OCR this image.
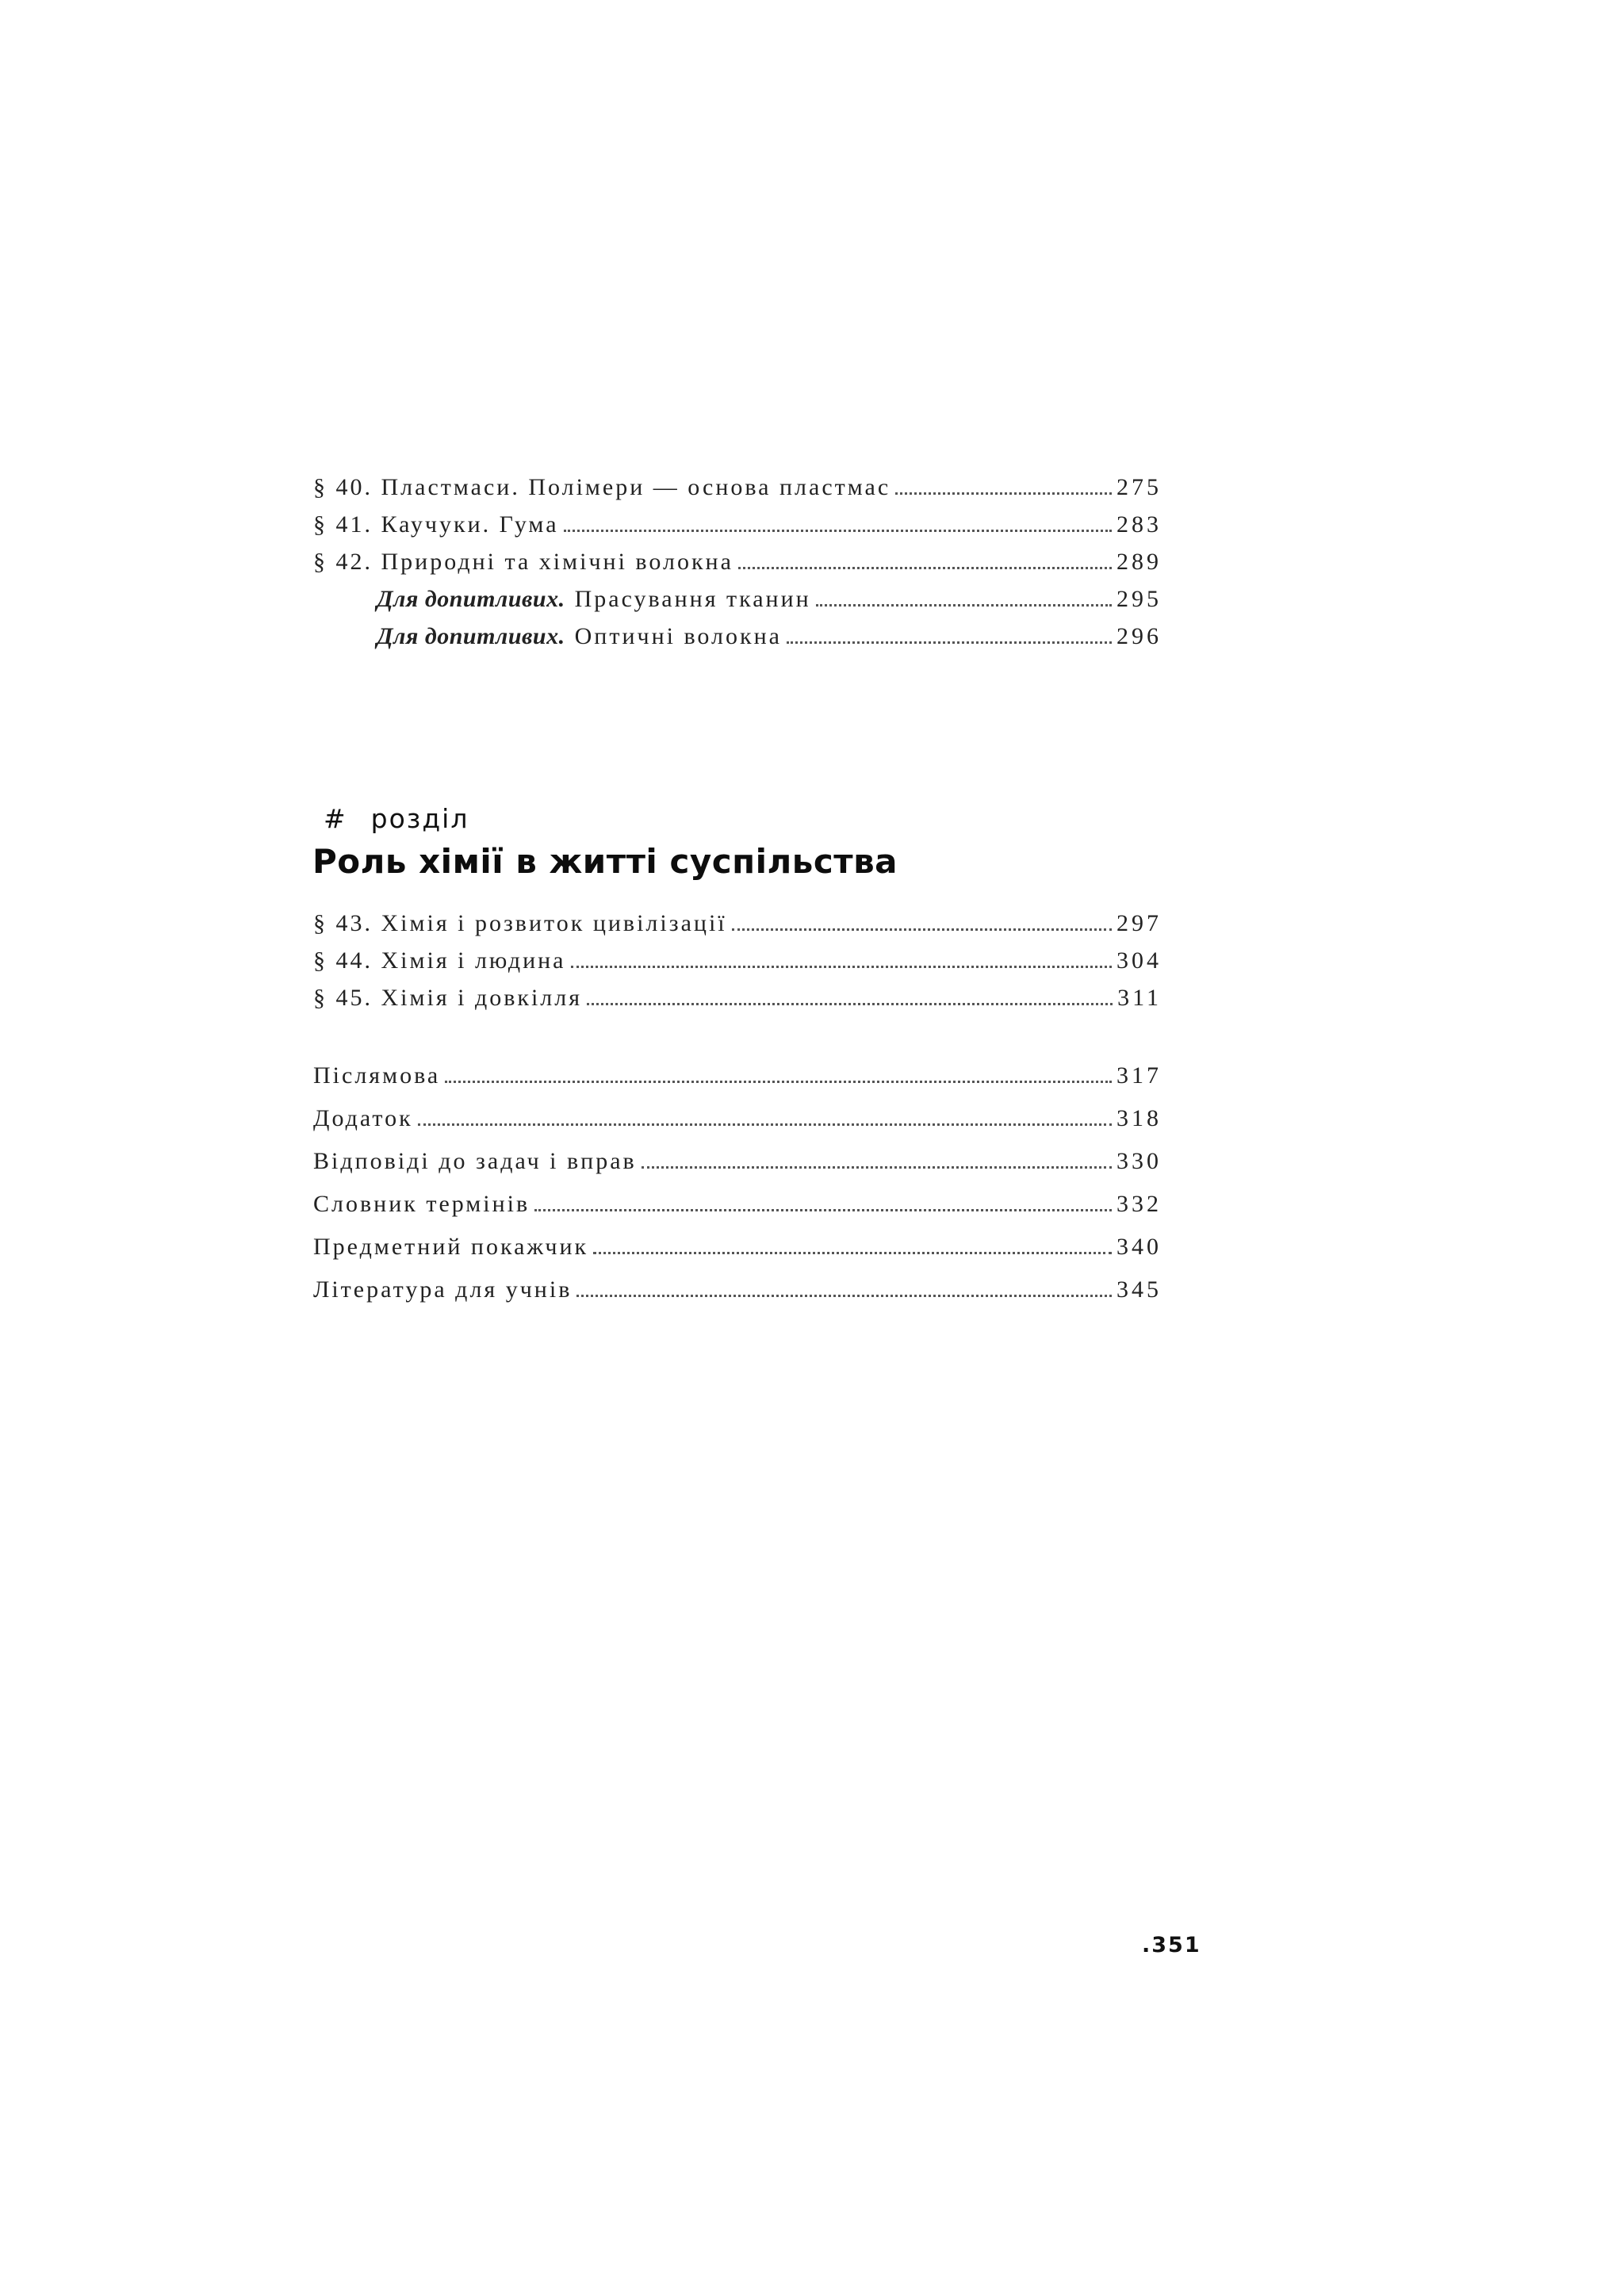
§ 40. Пластмаси. Полімери — основа пластмас	275
§ 41. Каучуки. Гума	283
§ 42. Природні та хімічні волокна	289
Для допитливих. Прасування тканин	295
Для допитливих. Оптичні волокна	296
# розділ
Роль хімії в житті суспільства
§ 43. Хімія і розвиток цивілізації	297
§ 44. Хімія і людина	304
§ 45. Хімія і довкілля	311
Післямова	317
Додаток	318
Відповіді до задач і вправ	330
Словник термінів	332
Предметний покажчик	340
Література для учнів	345
.351
